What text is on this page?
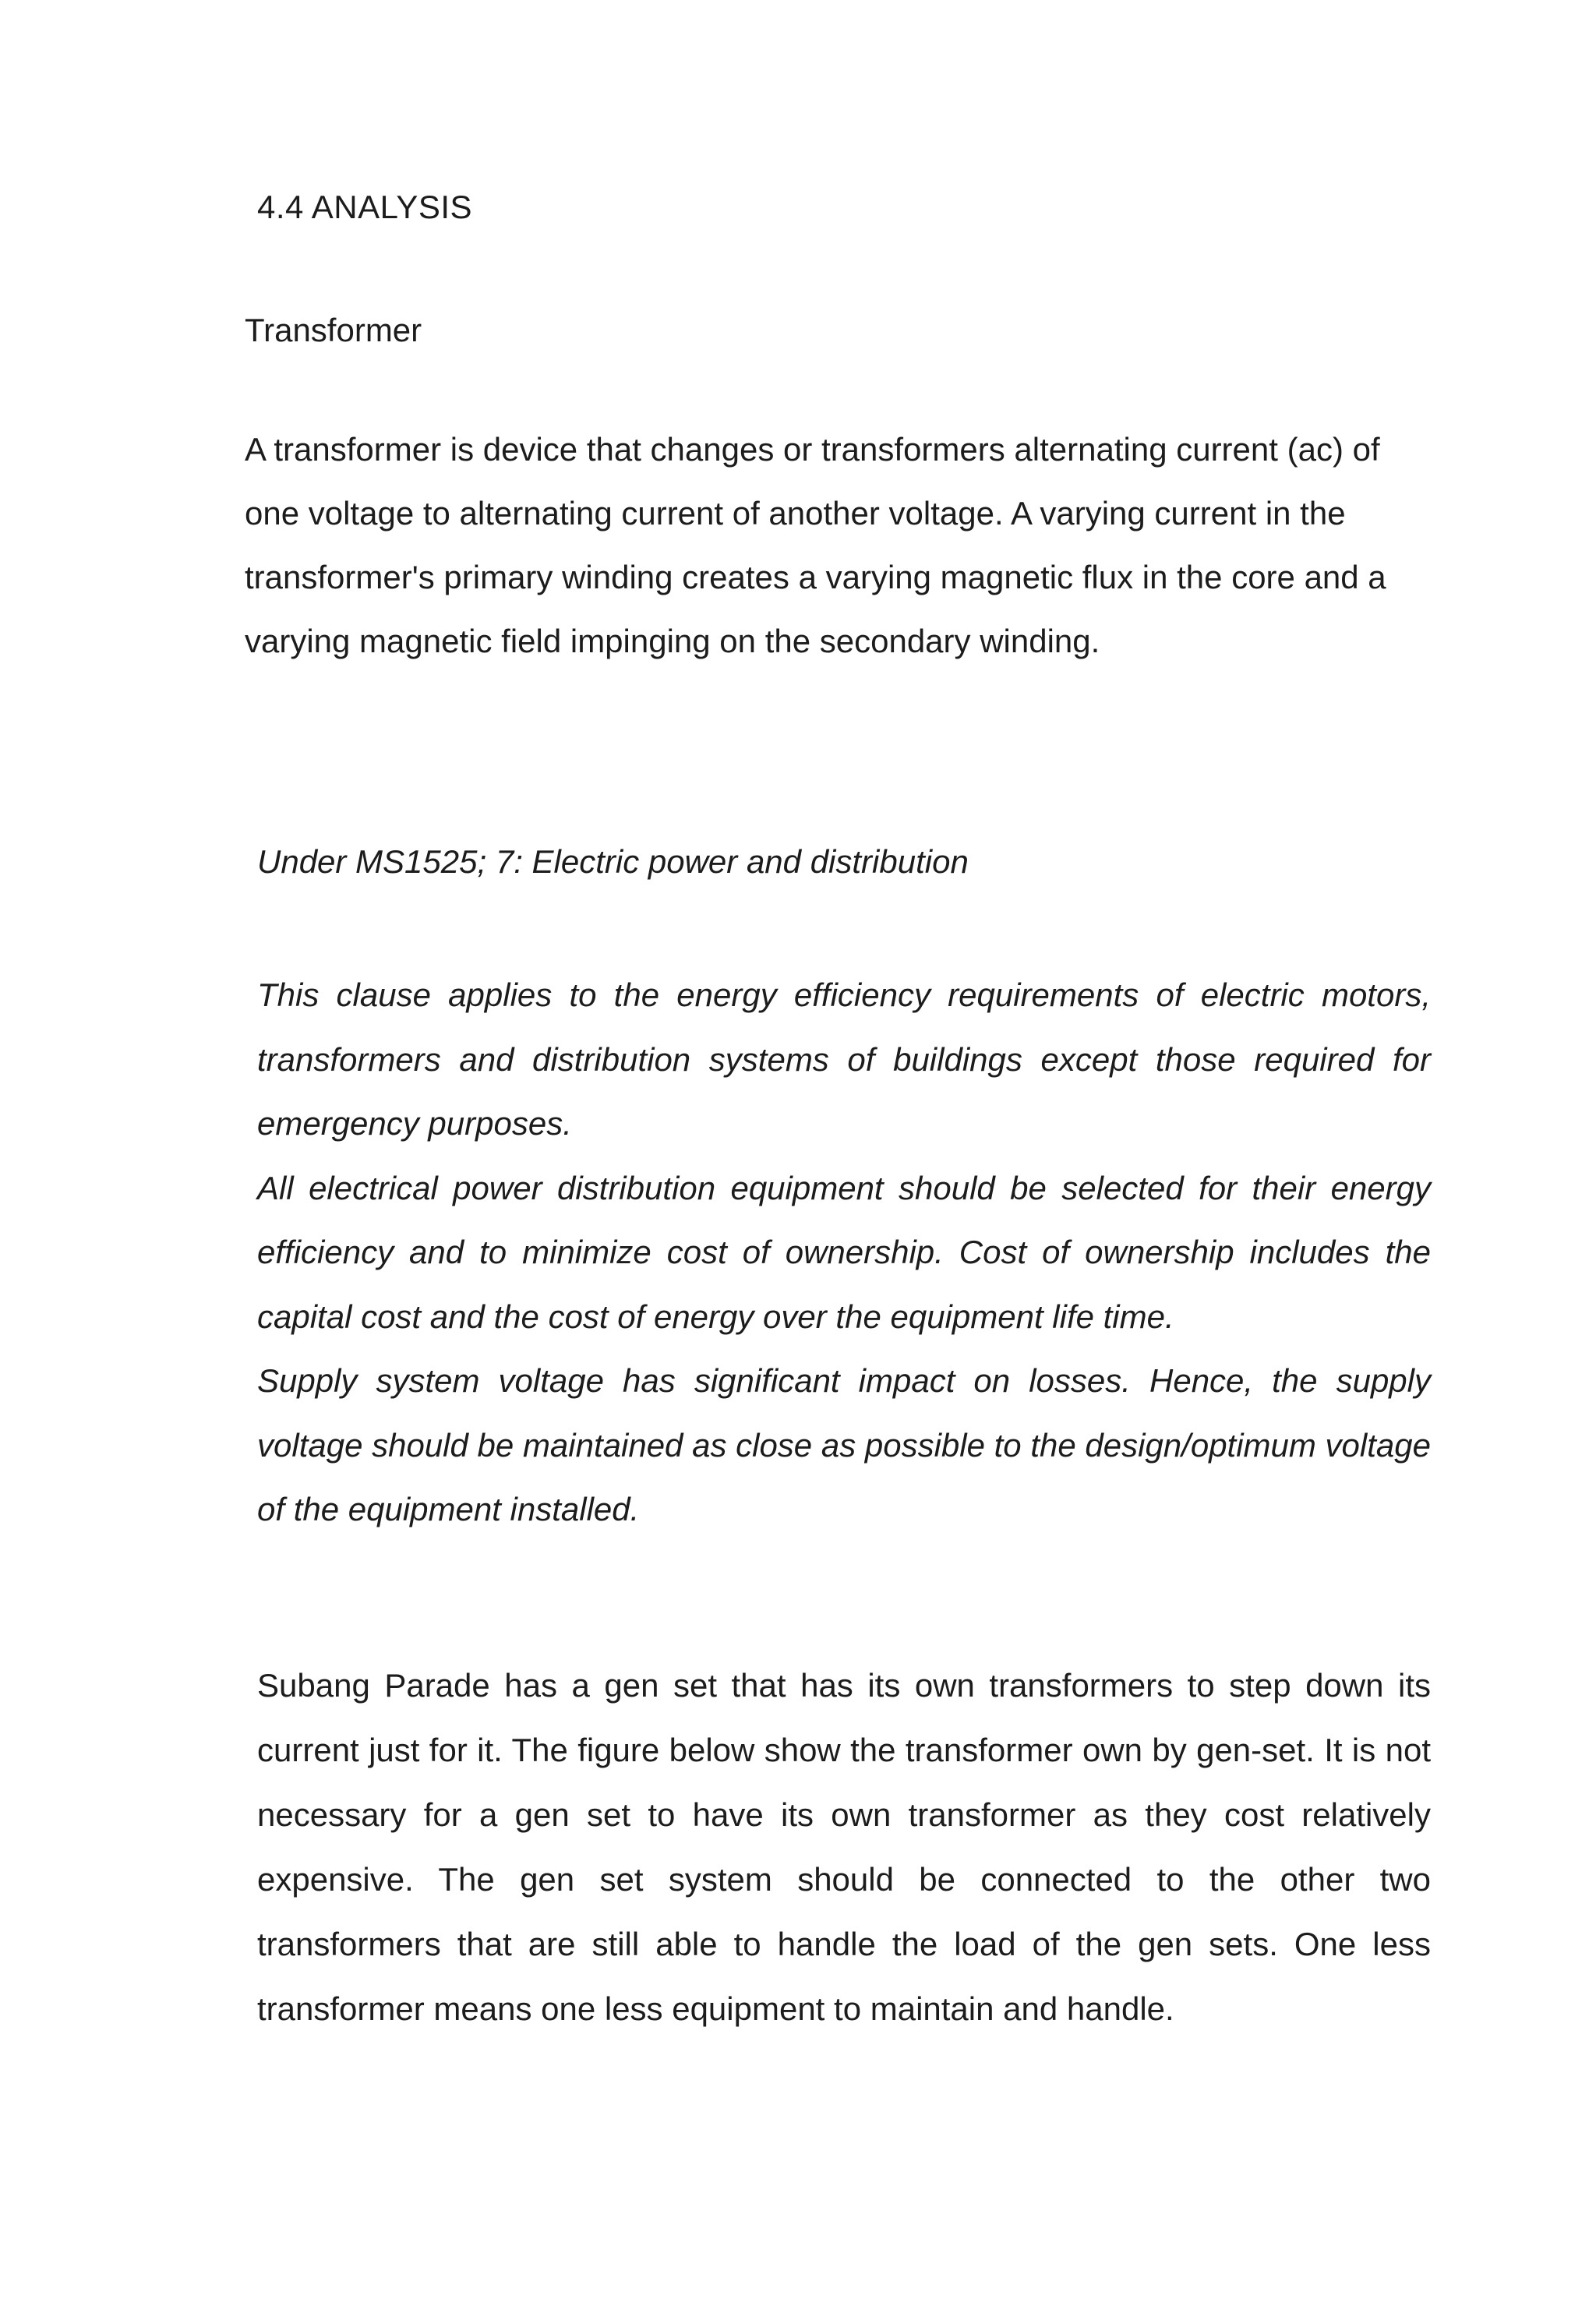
4.4 ANALYSIS
Transformer

A transformer is device that changes or transformers alternating current (ac) of one voltage to alternating current of another voltage. A varying current in the transformer's primary winding creates a varying magnetic flux in the core and a varying magnetic field impinging on the secondary winding.

Under MS1525; 7: Electric power and distribution

This clause applies to the energy efficiency requirements of electric motors, transformers and distribution systems of buildings except those required for emergency purposes.

All electrical power distribution equipment should be selected for their energy efficiency and to minimize cost of ownership. Cost of ownership includes the capital cost and the cost of energy over the equipment life time.

Supply system voltage has significant impact on losses. Hence, the supply voltage should be maintained as close as possible to the design/optimum voltage of the equipment installed.

Subang Parade has a gen set that has its own transformers to step down its current just for it. The figure below show the transformer own by gen-set. It is not necessary for a gen set to have its own transformer as they cost relatively expensive. The gen set system should be connected to the other two transformers that are still able to handle the load of the gen sets. One less transformer means one less equipment to maintain and handle.
